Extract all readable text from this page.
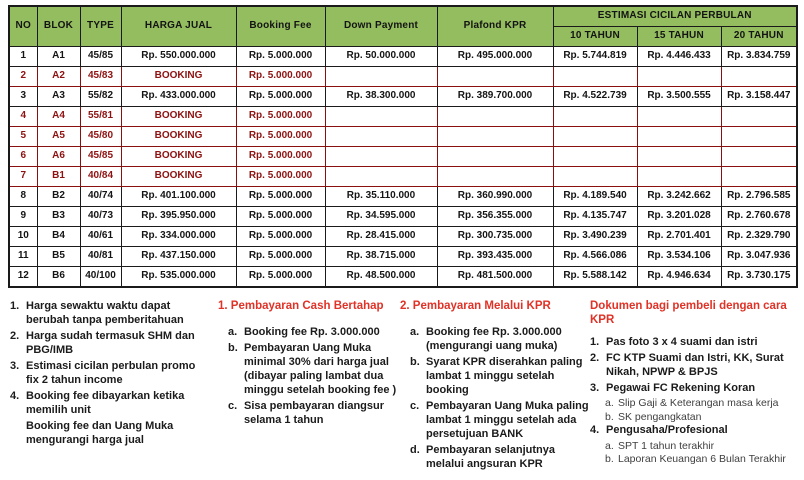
NO	BLOK	TYPE	HARGA JUAL	Booking Fee	Down Payment	Plafond KPR	ESTIMASI CICILAN PERBULAN		
							10 TAHUN	15 TAHUN	20 TAHUN
1	A1	45/85	Rp. 550.000.000	Rp. 5.000.000	Rp. 50.000.000	Rp. 495.000.000	Rp. 5.744.819	Rp. 4.446.433	Rp. 3.834.759
2	A2	45/83	BOOKING	Rp. 5.000.000					
3	A3	55/82	Rp. 433.000.000	Rp. 5.000.000	Rp. 38.300.000	Rp. 389.700.000	Rp. 4.522.739	Rp. 3.500.555	Rp. 3.158.447
4	A4	55/81	BOOKING	Rp. 5.000.000					
5	A5	45/80	BOOKING	Rp. 5.000.000					
6	A6	45/85	BOOKING	Rp. 5.000.000					
7	B1	40/84	BOOKING	Rp. 5.000.000					
8	B2	40/74	Rp. 401.100.000	Rp. 5.000.000	Rp. 35.110.000	Rp. 360.990.000	Rp. 4.189.540	Rp. 3.242.662	Rp. 2.796.585
9	B3	40/73	Rp. 395.950.000	Rp. 5.000.000	Rp. 34.595.000	Rp. 356.355.000	Rp. 4.135.747	Rp. 3.201.028	Rp. 2.760.678
10	B4	40/61	Rp. 334.000.000	Rp. 5.000.000	Rp. 28.415.000	Rp. 300.735.000	Rp. 3.490.239	Rp. 2.701.401	Rp. 2.329.790
11	B5	40/81	Rp. 437.150.000	Rp. 5.000.000	Rp. 38.715.000	Rp. 393.435.000	Rp. 4.566.086	Rp. 3.534.106	Rp. 3.047.936
12	B6	40/100	Rp. 535.000.000	Rp. 5.000.000	Rp. 48.500.000	Rp. 481.500.000	Rp. 5.588.142	Rp. 4.946.634	Rp. 3.730.175
1. Harga sewaktu waktu dapat berubah tanpa pemberitahuan
2. Harga sudah termasuk SHM dan PBG/IMB
3. Estimasi cicilan perbulan promo fix 2 tahun income
4. Booking fee dibayarkan ketika memilih unit
Booking fee dan Uang Muka mengurangi harga jual
1. Pembayaran Cash Bertahap
a. Booking fee Rp. 3.000.000
b. Pembayaran Uang Muka minimal 30% dari harga jual (dibayar paling lambat dua minggu setelah booking fee )
c. Sisa pembayaran diangsur selama 1 tahun
2. Pembayaran Melalui KPR
a. Booking fee Rp. 3.000.000 (mengurangi uang muka)
b. Syarat KPR diserahkan paling lambat 1 minggu setelah booking
c. Pembayaran Uang Muka paling lambat 1 minggu setelah ada persetujuan BANK
d. Pembayaran selanjutnya melalui angsuran KPR
Dokumen bagi pembeli dengan cara KPR
1. Pas foto 3 x 4 suami dan istri
2. FC KTP Suami dan Istri, KK, Surat Nikah, NPWP & BPJS
3. Pegawai FC Rekening Koran
a. Slip Gaji & Keterangan masa kerja
b. SK pengangkatan
4. Pengusaha/Profesional
a. SPT 1 tahun terakhir
b. Laporan Keuangan 6 Bulan Terakhir
